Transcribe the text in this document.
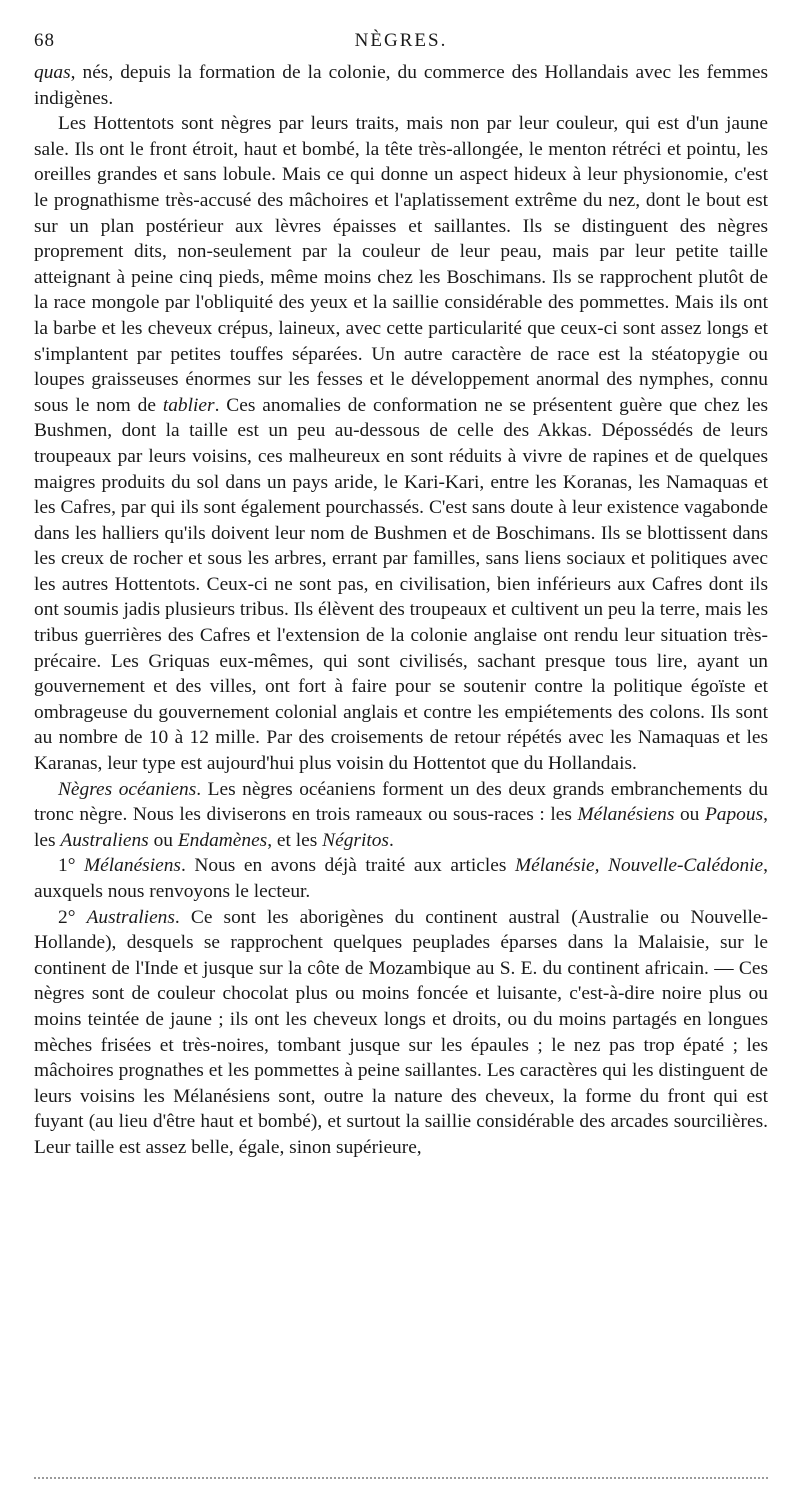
68	NÈGRES.

quas, nés, depuis la formation de la colonie, du commerce des Hollandais avec les femmes indigènes.

Les Hottentots sont nègres par leurs traits, mais non par leur couleur, qui est d'un jaune sale. Ils ont le front étroit, haut et bombé, la tête très-allongée, le menton rétréci et pointu, les oreilles grandes et sans lobule. Mais ce qui donne un aspect hideux à leur physionomie, c'est le prognathisme très-accusé des mâchoires et l'aplatissement extrême du nez, dont le bout est sur un plan postérieur aux lèvres épaisses et saillantes. Ils se distinguent des nègres proprement dits, non-seulement par la couleur de leur peau, mais par leur petite taille atteignant à peine cinq pieds, même moins chez les Boschimans. Ils se rapprochent plutôt de la race mongole par l'obliquité des yeux et la saillie considérable des pommettes. Mais ils ont la barbe et les cheveux crépus, laineux, avec cette particularité que ceux-ci sont assez longs et s'implantent par petites touffes séparées. Un autre caractère de race est la stéatopygie ou loupes graisseuses énormes sur les fesses et le développement anormal des nymphes, connu sous le nom de tablier. Ces anomalies de conformation ne se présentent guère que chez les Bushmen, dont la taille est un peu au-dessous de celle des Akkas. Dépossédés de leurs troupeaux par leurs voisins, ces malheureux en sont réduits à vivre de rapines et de quelques maigres produits du sol dans un pays aride, le Kari-Kari, entre les Koranas, les Namaquas et les Cafres, par qui ils sont également pourchassés. C'est sans doute à leur existence vagabonde dans les halliers qu'ils doivent leur nom de Bushmen et de Boschimans. Ils se blottissent dans les creux de rocher et sous les arbres, errant par familles, sans liens sociaux et politiques avec les autres Hottentots. Ceux-ci ne sont pas, en civilisation, bien inférieurs aux Cafres dont ils ont soumis jadis plusieurs tribus. Ils élèvent des troupeaux et cultivent un peu la terre, mais les tribus guerrières des Cafres et l'extension de la colonie anglaise ont rendu leur situation très-précaire. Les Griquas eux-mêmes, qui sont civilisés, sachant presque tous lire, ayant un gouvernement et des villes, ont fort à faire pour se soutenir contre la politique égoïste et ombrageuse du gouvernement colonial anglais et contre les empiétements des colons. Ils sont au nombre de 10 à 12 mille. Par des croisements de retour répétés avec les Namaquas et les Karanas, leur type est aujourd'hui plus voisin du Hottentot que du Hollandais.

Nègres océaniens. Les nègres océaniens forment un des deux grands embranchements du tronc nègre. Nous les diviserons en trois rameaux ou sous-races : les Mélanésiens ou Papous, les Australiens ou Endamènes, et les Négritos.

1° Mélanésiens. Nous en avons déjà traité aux articles Mélanésie, Nouvelle-Calédonie, auxquels nous renvoyons le lecteur.

2° Australiens. Ce sont les aborigènes du continent austral (Australie ou Nouvelle-Hollande), desquels se rapprochent quelques peuplades éparses dans la Malaisie, sur le continent de l'Inde et jusque sur la côte de Mozambique au S. E. du continent africain. — Ces nègres sont de couleur chocolat plus ou moins foncée et luisante, c'est-à-dire noire plus ou moins teintée de jaune ; ils ont les cheveux longs et droits, ou du moins partagés en longues mèches frisées et très-noires, tombant jusque sur les épaules ; le nez pas trop épaté ; les mâchoires prognathes et les pommettes à peine saillantes. Les caractères qui les distinguent de leurs voisins les Mélanésiens sont, outre la nature des cheveux, la forme du front qui est fuyant (au lieu d'être haut et bombé), et surtout la saillie considérable des arcades sourcilières. Leur taille est assez belle, égale, sinon supérieure,
